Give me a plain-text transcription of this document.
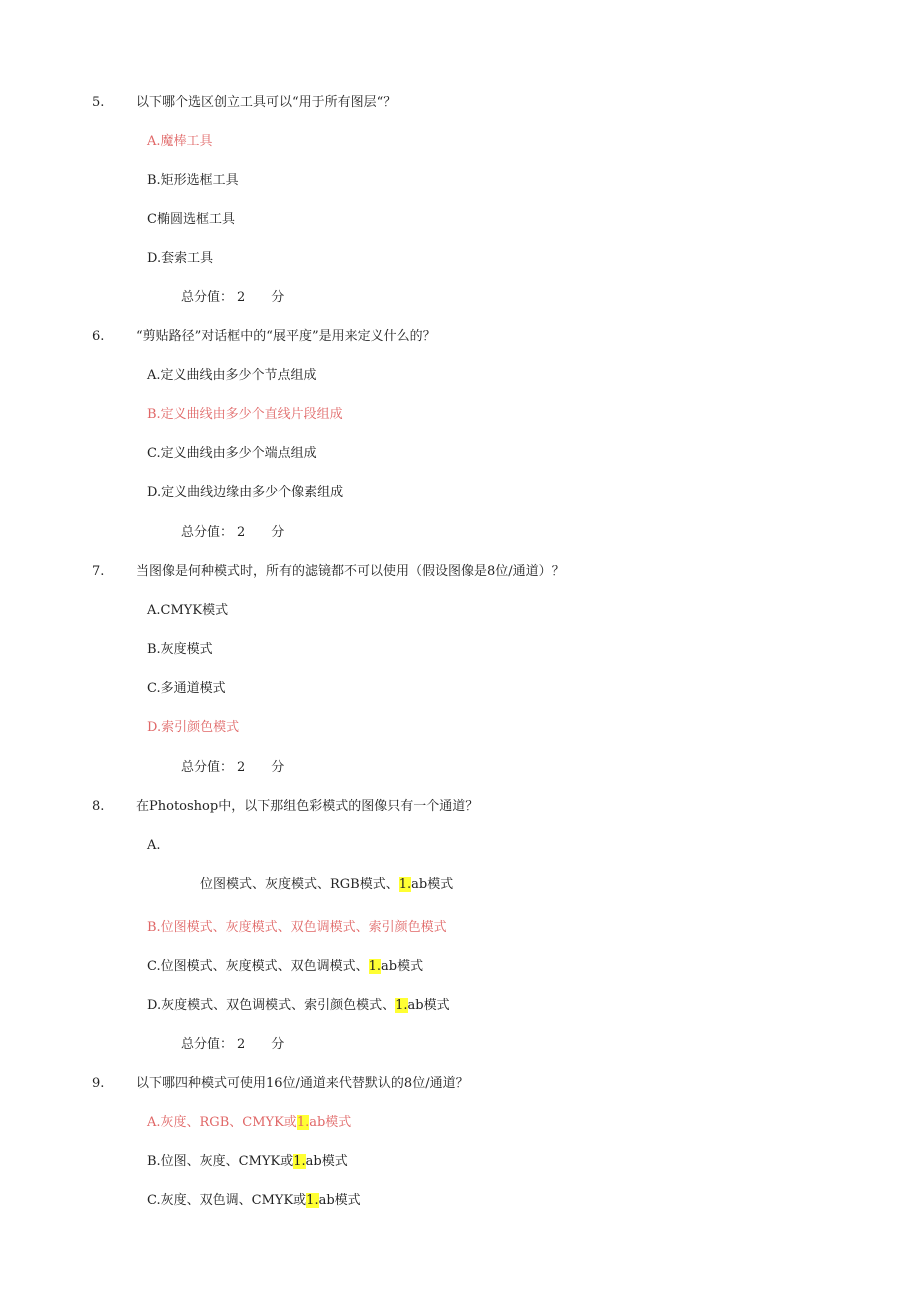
5. 以下哪个选区创立工具可以“用于所有图层“？
A.魔棒工具
B.矩形选框工具
C椭圆选框工具
D.套索工具
总分值： 2 分
6. “剪贴路径”对话框中的“展平度”是用来定义什么的？
A.定义曲线由多少个节点组成
B.定义曲线由多少个直线片段组成
C.定义曲线由多少个端点组成
D.定义曲线边缘由多少个像素组成
总分值： 2 分
7. 当图像是何种模式时，所有的滤镜都不可以使用（假设图像是8位/通道）？
A.CMYK模式
B.灰度模式
C.多通道模式
D.索引颜色模式
总分值： 2 分
8. 在Photoshop中，以下那组色彩模式的图像只有一个通道？
A.
位图模式、灰度模式、RGB模式、1.ab模式
B.位图模式、灰度模式、双色调模式、索引颜色模式
C.位图模式、灰度模式、双色调模式、1.ab模式
D.灰度模式、双色调模式、索引颜色模式、1.ab模式
总分值： 2 分
9. 以下哪四种模式可使用16位/通道来代替默认的8位/通道？
A.灰度、RGB、CMYK或1.ab模式
B.位图、灰度、CMYK或1.ab模式
C.灰度、双色调、CMYK或1.ab模式
